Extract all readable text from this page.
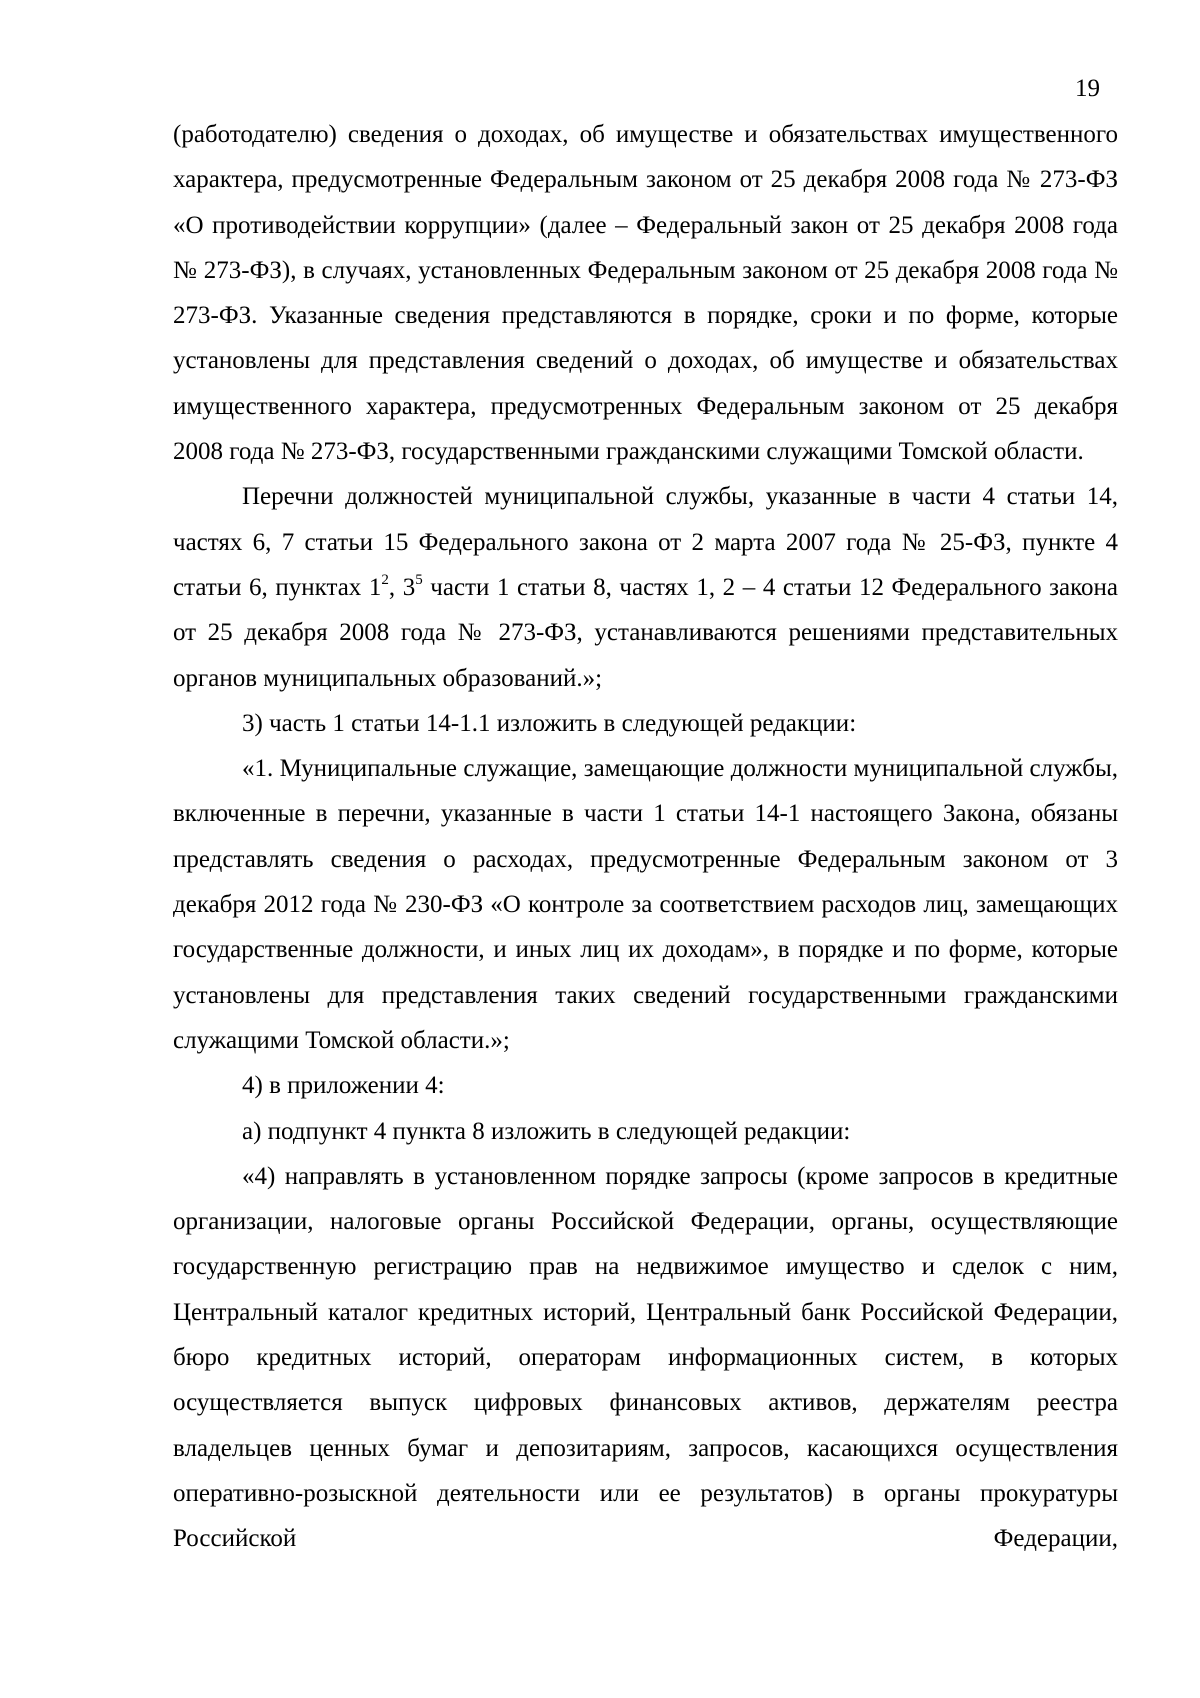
19

(работодателю) сведения о доходах, об имуществе и обязательствах имущественного характера, предусмотренные Федеральным законом от 25 декабря 2008 года № 273-ФЗ «О противодействии коррупции» (далее – Федеральный закон от 25 декабря 2008 года № 273-ФЗ), в случаях, установленных Федеральным законом от 25 декабря 2008 года № 273-ФЗ. Указанные сведения представляются в порядке, сроки и по форме, которые установлены для представления сведений о доходах, об имуществе и обязательствах имущественного характера, предусмотренных Федеральным законом от 25 декабря 2008 года № 273-ФЗ, государственными гражданскими служащими Томской области.

Перечни должностей муниципальной службы, указанные в части 4 статьи 14, частях 6, 7 статьи 15 Федерального закона от 2 марта 2007 года № 25-ФЗ, пункте 4 статьи 6, пунктах $1^2$, $3^5$ части 1 статьи 8, частях 1, 2 – 4 статьи 12 Федерального закона от 25 декабря 2008 года № 273-ФЗ, устанавливаются решениями представительных органов муниципальных образований.»;

3) часть 1 статьи 14-1.1 изложить в следующей редакции:

«1. Муниципальные служащие, замещающие должности муниципальной службы, включенные в перечни, указанные в части 1 статьи 14-1 настоящего Закона, обязаны представлять сведения о расходах, предусмотренные Федеральным законом от 3 декабря 2012 года № 230-ФЗ «О контроле за соответствием расходов лиц, замещающих государственные должности, и иных лиц их доходам», в порядке и по форме, которые установлены для представления таких сведений государственными гражданскими служащими Томской области.»;

4) в приложении 4:

а) подпункт 4 пункта 8 изложить в следующей редакции:

«4) направлять в установленном порядке запросы (кроме запросов в кредитные организации, налоговые органы Российской Федерации, органы, осуществляющие государственную регистрацию прав на недвижимое имущество и сделок с ним, Центральный каталог кредитных историй, Центральный банк Российской Федерации, бюро кредитных историй, операторам информационных систем, в которых осуществляется выпуск цифровых финансовых активов, держателям реестра владельцев ценных бумаг и депозитариям, запросов, касающихся осуществления оперативно-розыскной деятельности или ее результатов) в органы прокуратуры Российской Федерации,
